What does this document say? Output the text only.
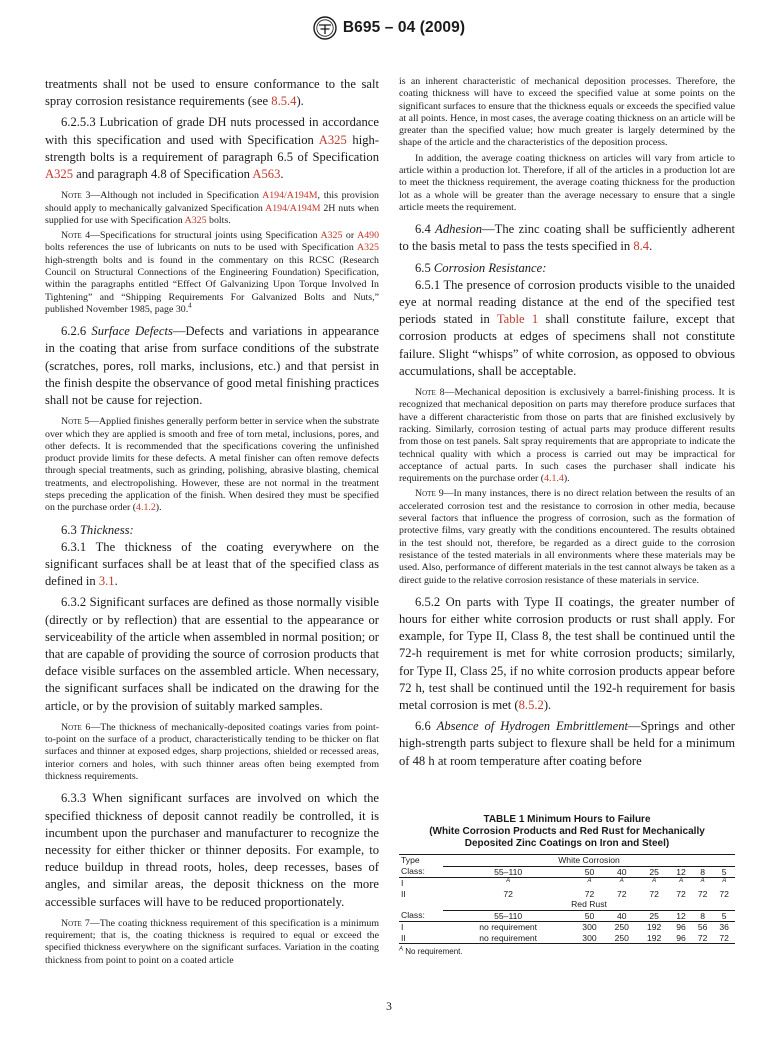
B695 – 04 (2009)

treatments shall not be used to ensure conformance to the salt spray corrosion resistance requirements (see 8.5.4).

6.2.5.3 Lubrication of grade DH nuts processed in accordance with this specification and used with Specification A325 high-strength bolts is a requirement of paragraph 6.5 of Specification A325 and paragraph 4.8 of Specification A563.

Note 3—Although not included in Specification A194/A194M, this provision should apply to mechanically galvanized Specification A194/A194M 2H nuts when supplied for use with Specification A325 bolts.

Note 4—Specifications for structural joints using Specification A325 or A490 bolts references the use of lubricants on nuts to be used with Specification A325 high-strength bolts and is found in the commentary on this RCSC (Research Council on Structural Connections of the Engineering Foundation) Specification, within the paragraphs entitled “Effect Of Galvanizing Upon Torque Involved In Tightening” and “Shipping Requirements For Galvanized Bolts and Nuts,” published November 1985, page 30.$^4$

6.2.6 Surface Defects—Defects and variations in appearance in the coating that arise from surface conditions of the substrate (scratches, pores, roll marks, inclusions, etc.) and that persist in the finish despite the observance of good metal finishing practices shall not be cause for rejection.

Note 5—Applied finishes generally perform better in service when the substrate over which they are applied is smooth and free of torn metal, inclusions, pores, and other defects. It is recommended that the specifications covering the unfinished product provide limits for these defects. A metal finisher can often remove defects through special treatments, such as grinding, polishing, abrasive blasting, chemical treatments, and electropolishing. However, these are not normal in the treatment steps preceding the application of the finish. When desired they must be specified on the purchase order (4.1.2).

6.3 Thickness:

6.3.1 The thickness of the coating everywhere on the significant surfaces shall be at least that of the specified class as defined in 3.1.

6.3.2 Significant surfaces are defined as those normally visible (directly or by reflection) that are essential to the appearance or serviceability of the article when assembled in normal position; or that are capable of providing the source of corrosion products that deface visible surfaces on the assembled article. When necessary, the significant surfaces shall be indicated on the drawing for the article, or by the provision of suitably marked samples.

Note 6—The thickness of mechanically-deposited coatings varies from point-to-point on the surface of a product, characteristically tending to be thicker on flat surfaces and thinner at exposed edges, sharp projections, shielded or recessed areas, interior corners and holes, with such thinner areas often being exempted from thickness requirements.

6.3.3 When significant surfaces are involved on which the specified thickness of deposit cannot readily be controlled, it is incumbent upon the purchaser and manufacturer to recognize the necessity for either thicker or thinner deposits. For example, to reduce buildup in thread roots, holes, deep recesses, bases of angles, and similar areas, the deposit thickness on the more accessible surfaces will have to be reduced proportionately.

Note 7—The coating thickness requirement of this specification is a minimum requirement; that is, the coating thickness is required to equal or exceed the specified thickness everywhere on the significant surfaces. Variation in the coating thickness from point to point on a coated article

is an inherent characteristic of mechanical deposition processes. Therefore, the coating thickness will have to exceed the specified value at some points on the significant surfaces to ensure that the thickness equals or exceeds the specified value at all points. Hence, in most cases, the average coating thickness on an article will be greater than the specified value; how much greater is largely determined by the shape of the article and the characteristics of the deposition process.

In addition, the average coating thickness on articles will vary from article to article within a production lot. Therefore, if all of the articles in a production lot are to meet the thickness requirement, the average coating thickness for the production lot as a whole will be greater than the average necessary to ensure that a single article meets the requirement.

6.4 Adhesion—The zinc coating shall be sufficiently adherent to the basis metal to pass the tests specified in 8.4.

6.5 Corrosion Resistance:

6.5.1 The presence of corrosion products visible to the unaided eye at normal reading distance at the end of the specified test periods stated in Table 1 shall constitute failure, except that corrosion products at edges of specimens shall not constitute failure. Slight “whisps” of white corrosion, as opposed to obvious accumulations, shall be acceptable.

Note 8—Mechanical deposition is exclusively a barrel-finishing process. It is recognized that mechanical deposition on parts may therefore produce surfaces that have a different characteristic from those on parts that are finished exclusively by racking. Similarly, corrosion testing of actual parts may produce different results from those on test panels. Salt spray requirements that are appropriate to indicate the technical quality with which a process is carried out may be impractical for acceptance of actual parts. In such cases the purchaser shall indicate his requirements on the purchase order (4.1.4).

Note 9—In many instances, there is no direct relation between the results of an accelerated corrosion test and the resistance to corrosion in other media, because several factors that influence the progress of corrosion, such as the formation of protective films, vary greatly with the conditions encountered. The results obtained in the test should not, therefore, be regarded as a direct guide to the corrosion resistance of the tested materials in all environments where these materials may be used. Also, performance of different materials in the test cannot always be taken as a direct guide to the relative corrosion resistance of these materials in service.

6.5.2 On parts with Type II coatings, the greater number of hours for either white corrosion products or rust shall apply. For example, for Type II, Class 8, the test shall be continued until the 72-h requirement is met for white corrosion products; similarly, for Type II, Class 25, if no white corrosion products appear before 72 h, test shall be continued until the 192-h requirement for basis metal corrosion is met (8.5.2).

6.6 Absence of Hydrogen Embrittlement—Springs and other high-strength parts subject to flexure shall be held for a minimum of 48 h at room temperature after coating before

TABLE 1 Minimum Hours to Failure
(White Corrosion Products and Red Rust for Mechanically
Deposited Zinc Coatings on Iron and Steel)
Type	White Corrosion						
Class:	55–110	50	40	25	12	8	5
I	A	A	A	A	A	A	A
II	72	72	72	72	72	72	72
	Red Rust						
Class:	55–110	50	40	25	12	8	5
I	no requirement	300	250	192	96	56	36
II	no requirement	300	250	192	96	72	72
$^A$ No requirement.
3
